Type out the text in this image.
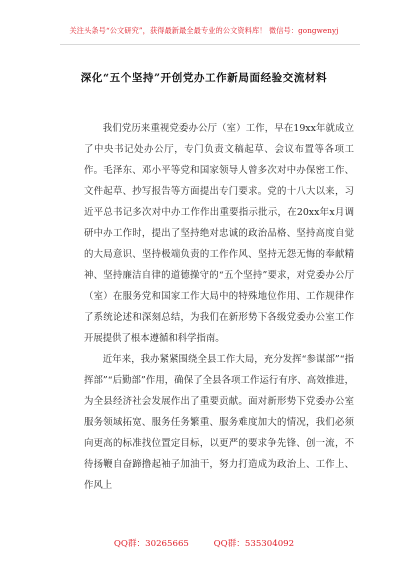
关注头条号“公文研究”，获得最新最全最专业的公文资料库！ 微信号：gongwenyj
深化“五个坚持”开创党办工作新局面经验交流材料

我们党历来重视党委办公厅（室）工作，早在19xx年就成立了中央书记处办公厅，专门负责文稿起草、会议布置等各项工作。毛泽东、邓小平等党和国家领导人曾多次对中办保密工作、文件起草、抄写报告等方面提出专门要求。党的十八大以来，习近平总书记多次对中办工作作出重要指示批示，在20xx年x月调研中办工作时，提出了坚持绝对忠诚的政治品格、坚持高度自觉的大局意识、坚持极端负责的工作作风、坚持无怨无悔的奉献精神、坚持廉洁自律的道德操守的“五个坚持”要求，对党委办公厅（室）在服务党和国家工作大局中的特殊地位作用、工作规律作了系统论述和深刻总结，为我们在新形势下各级党委办公室工作开展提供了根本遵循和科学指南。

近年来，我办紧紧围绕全县工作大局，充分发挥“参谋部”“指挥部”“后勤部”作用，确保了全县各项工作运行有序、高效推进，为全县经济社会发展作出了重要贡献。面对新形势下党委办公室服务领域拓宽、服务任务繁重、服务难度加大的情况，我们必须向更高的标准找位置定目标，以更严的要求争先锋、创一流，不待扬鞭自奋蹄撸起袖子加油干，努力打造成为政治上、工作上、作风上

QQ群：30265665	QQ群：535304092
